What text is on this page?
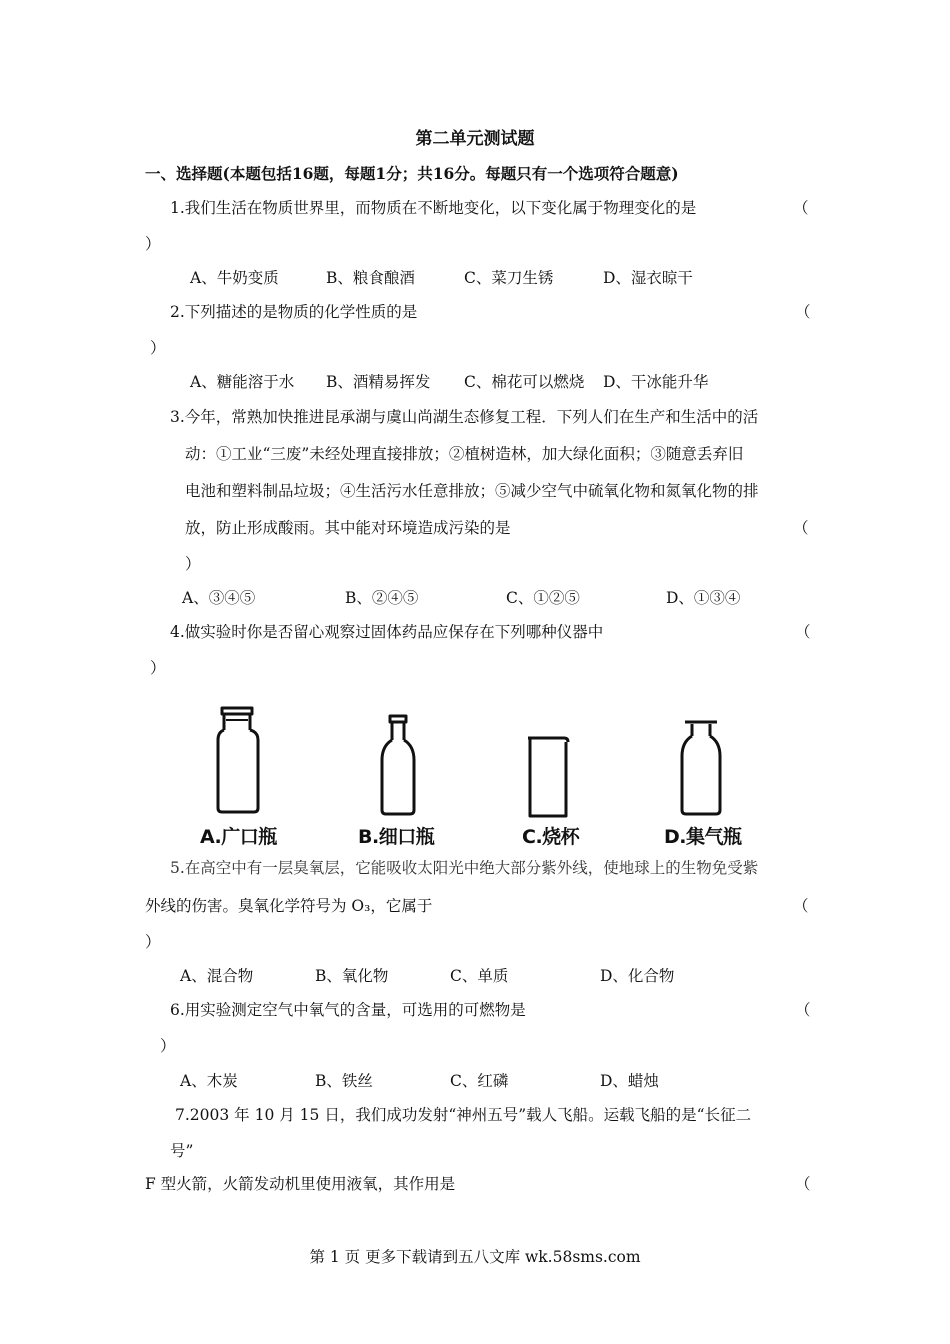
第二单元测试题
一、选择题(本题包括16题，每题1分；共16分。每题只有一个选项符合题意)
1.我们生活在物质世界里，而物质在不断地变化，以下变化属于物理变化的是	（
）
A、牛奶变质	B、粮食酿酒	C、菜刀生锈	D、湿衣晾干
2.下列描述的是物质的化学性质的是	（
）
A、糖能溶于水 B、酒精易挥发 C、棉花可以燃烧 D、干冰能升华
3.今年，常熟加快推进昆承湖与虞山尚湖生态修复工程．下列人们在生产和生活中的活
动：①工业“三废”未经处理直接排放；②植树造林，加大绿化面积；③随意丢弃旧
电池和塑料制品垃圾；④生活污水任意排放；⑤减少空气中硫氧化物和氮氧化物的排
放，防止形成酸雨。其中能对环境造成污染的是	（
）
A、③④⑤	B、②④⑤	C、①②⑤	D、①③④
4.做实验时你是否留心观察过固体药品应保存在下列哪种仪器中	（
）
A.广口瓶	B.细口瓶	C.烧杯	D.集气瓶
5.在高空中有一层臭氧层，它能吸收太阳光中绝大部分紫外线，使地球上的生物免受紫
外线的伤害。臭氧化学符号为 O₃，它属于	（
）
A、混合物	B、氧化物	C、单质	D、化合物
6.用实验测定空气中氧气的含量，可选用的可燃物是	（
）
A、木炭	B、铁丝	C、红磷	D、蜡烛
7.2003 年 10 月 15 日，我们成功发射“神州五号”载人飞船。运载飞船的是“长征二
号”
F 型火箭，火箭发动机里使用液氧，其作用是	（
第 1 页 更多下载请到五八文库 wk.58sms.com
